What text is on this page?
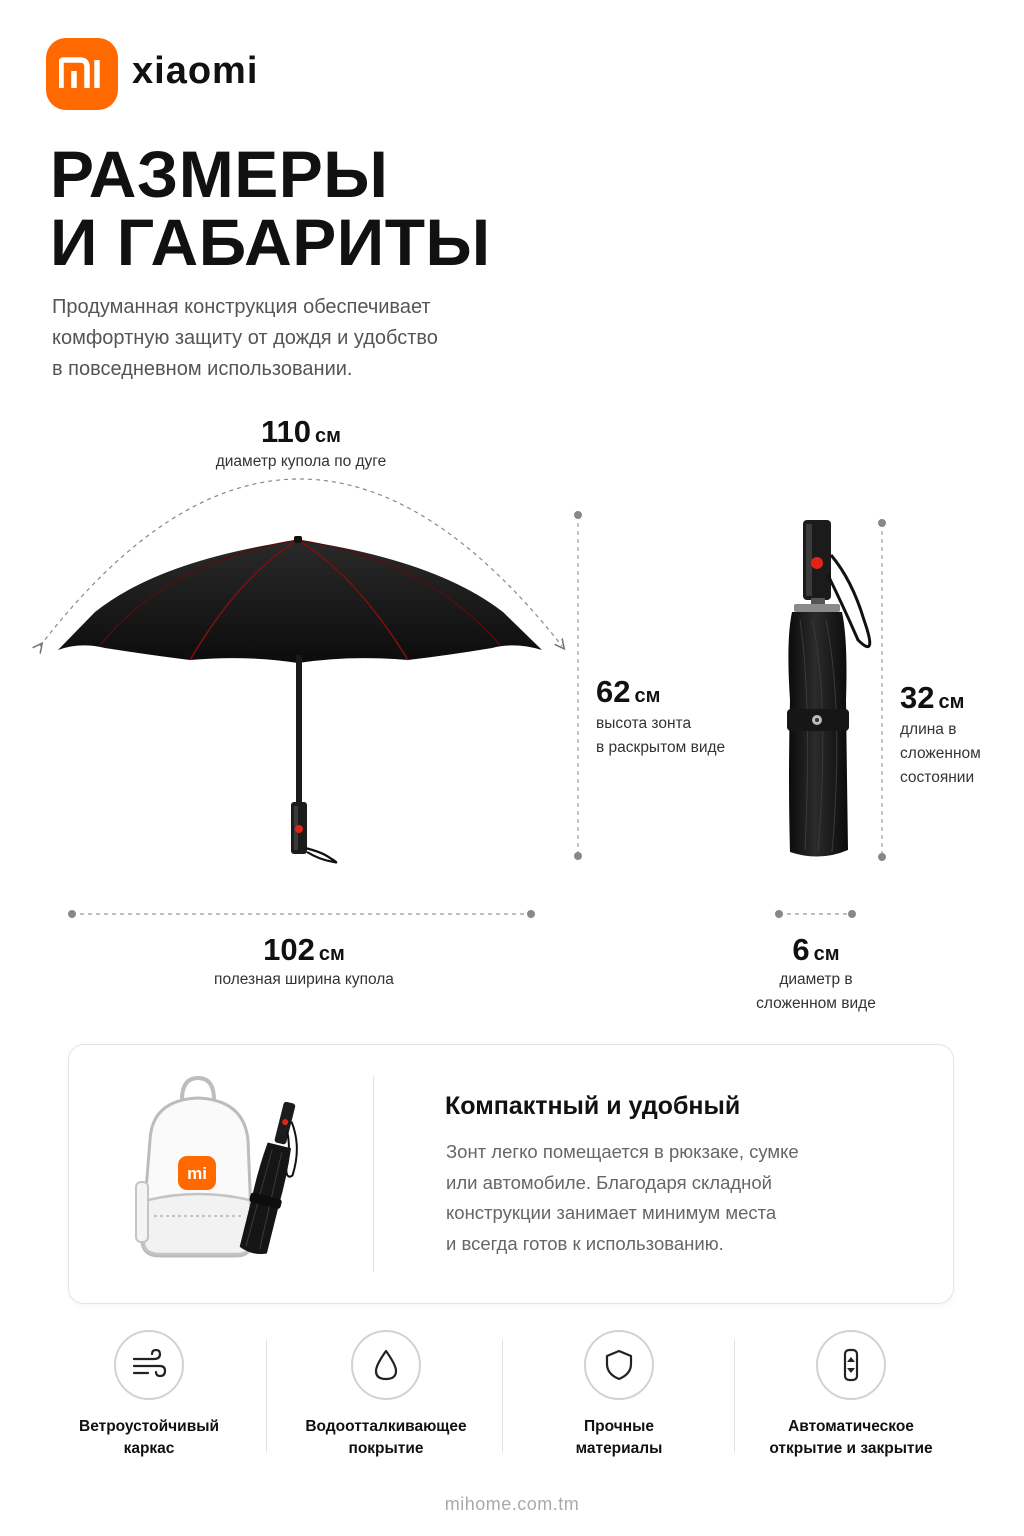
xiaomi
РАЗМЕРЫ
И ГАБАРИТЫ
Продуманная конструкция обеспечивает
комфортную защиту от дождя и удобство
в повседневном использовании.
110 см
диаметр купола по дуге
62 см
высота зонта
в раскрытом виде
32 см
длина в
сложенном
состоянии
102 см
полезная ширина купола
6 см
диаметр в
сложенном виде
mi
Компактный и удобный
Зонт легко помещается в рюкзаке, сумке
или автомобиле. Благодаря складной
конструкции занимает минимум места
и всегда готов к использованию.
Ветроустойчивый
каркас
Водоотталкивающее
покрытие
Прочные
материалы
Автоматическое
открытие и закрытие
mihome.com.tm
